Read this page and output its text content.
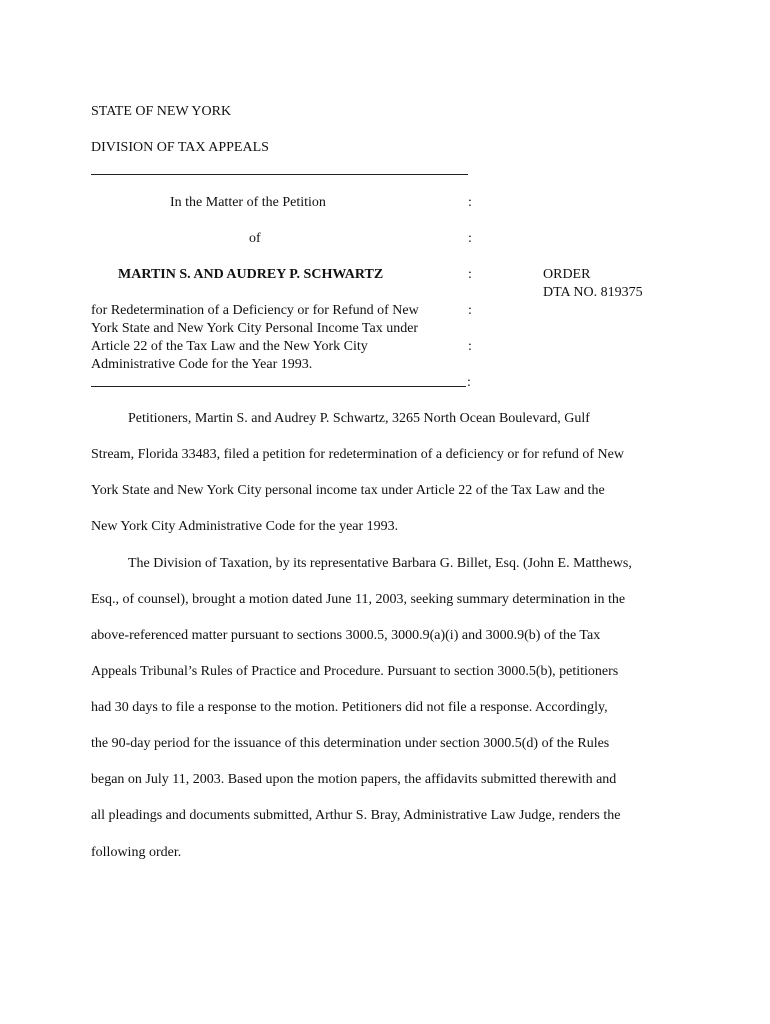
STATE OF NEW YORK
DIVISION OF TAX APPEALS
In the Matter of the Petition
of
MARTIN S. AND AUDREY P. SCHWARTZ
for Redetermination of a Deficiency or for Refund of New
York State and New York City Personal Income Tax under
Article 22 of the Tax Law and the New York City
Administrative Code for the Year 1993.
:
:
:
:
:
:
ORDER
DTA NO. 819375
Petitioners, Martin S. and Audrey P. Schwartz, 3265 North Ocean Boulevard, Gulf
Stream, Florida 33483, filed a petition for redetermination of a deficiency or for refund of New
York State and New York City personal income tax under Article 22 of the Tax Law and the
New York City Administrative Code for the year 1993.
The Division of Taxation, by its representative Barbara G. Billet, Esq. (John E. Matthews,
Esq., of counsel), brought a motion dated June 11, 2003, seeking summary determination in the
above-referenced matter pursuant to sections 3000.5, 3000.9(a)(i) and 3000.9(b) of the Tax
Appeals Tribunal’s Rules of Practice and Procedure. Pursuant to section 3000.5(b), petitioners
had 30 days to file a response to the motion. Petitioners did not file a response. Accordingly,
the 90-day period for the issuance of this determination under section 3000.5(d) of the Rules
began on July 11, 2003. Based upon the motion papers, the affidavits submitted therewith and
all pleadings and documents submitted, Arthur S. Bray, Administrative Law Judge, renders the
following order.
